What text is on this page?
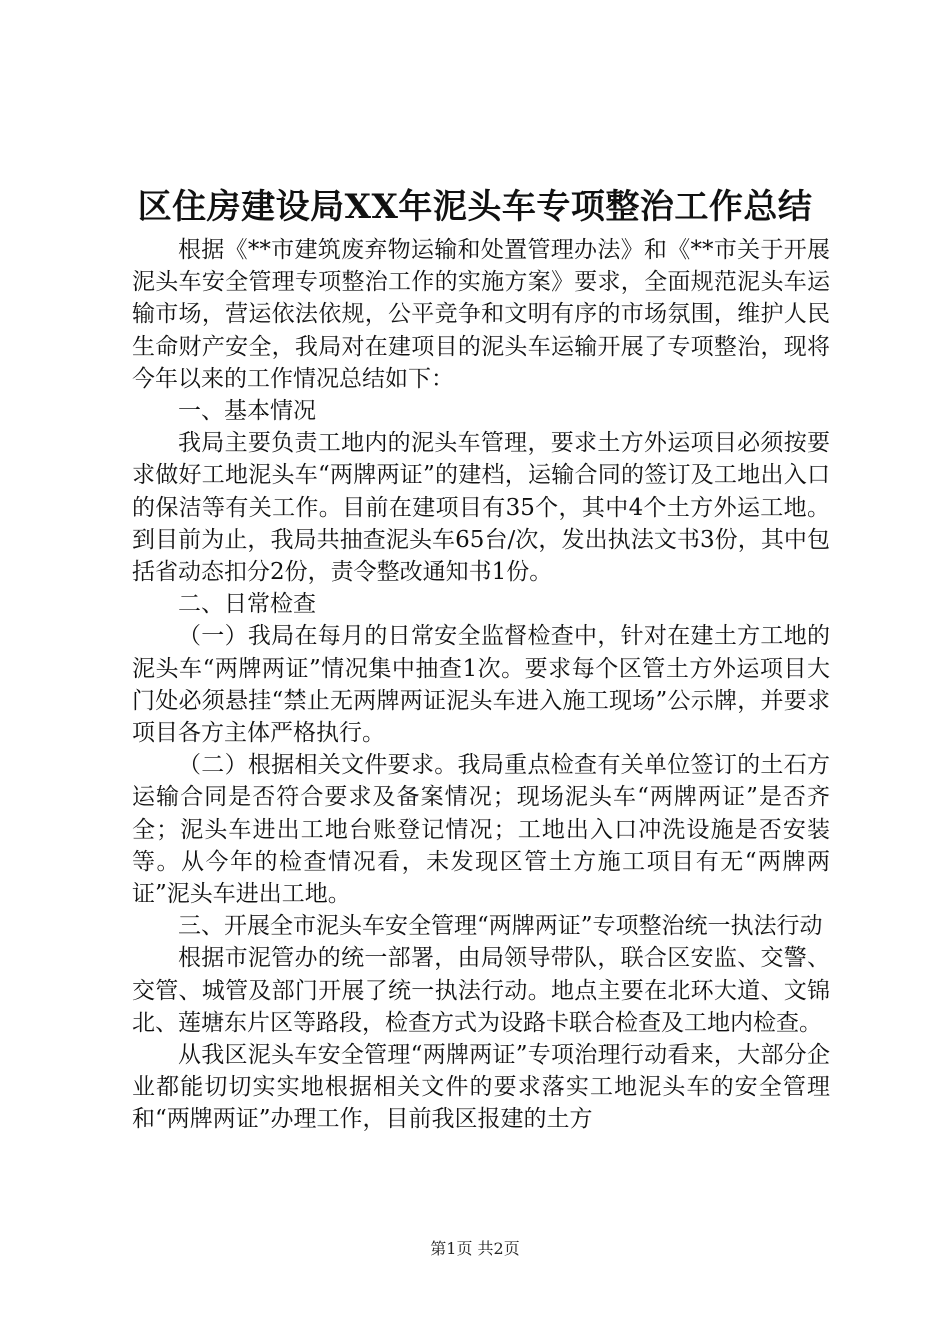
区住房建设局XX年泥头车专项整治工作总结

根据《**市建筑废弃物运输和处置管理办法》和《**市关于开展泥头车安全管理专项整治工作的实施方案》要求，全面规范泥头车运输市场，营运依法依规，公平竞争和文明有序的市场氛围，维护人民生命财产安全，我局对在建项目的泥头车运输开展了专项整治，现将今年以来的工作情况总结如下：

一、基本情况

我局主要负责工地内的泥头车管理，要求土方外运项目必须按要求做好工地泥头车“两牌两证”的建档，运输合同的签订及工地出入口的保洁等有关工作。目前在建项目有35个，其中4个土方外运工地。到目前为止，我局共抽查泥头车65台/次，发出执法文书3份，其中包括省动态扣分2份，责令整改通知书1份。

二、日常检查

（一）我局在每月的日常安全监督检查中，针对在建土方工地的泥头车“两牌两证”情况集中抽查1次。要求每个区管土方外运项目大门处必须悬挂“禁止无两牌两证泥头车进入施工现场”公示牌，并要求项目各方主体严格执行。

（二）根据相关文件要求。我局重点检查有关单位签订的土石方运输合同是否符合要求及备案情况；现场泥头车“两牌两证”是否齐全；泥头车进出工地台账登记情况；工地出入口冲洗设施是否安装等。从今年的检查情况看，未发现区管土方施工项目有无“两牌两证”泥头车进出工地。

三、开展全市泥头车安全管理“两牌两证”专项整治统一执法行动

根据市泥管办的统一部署，由局领导带队，联合区安监、交警、交管、城管及部门开展了统一执法行动。地点主要在北环大道、文锦北、莲塘东片区等路段，检查方式为设路卡联合检查及工地内检查。

从我区泥头车安全管理“两牌两证”专项治理行动看来，大部分企业都能切切实实地根据相关文件的要求落实工地泥头车的安全管理和“两牌两证”办理工作，目前我区报建的土方

第1页 共2页
